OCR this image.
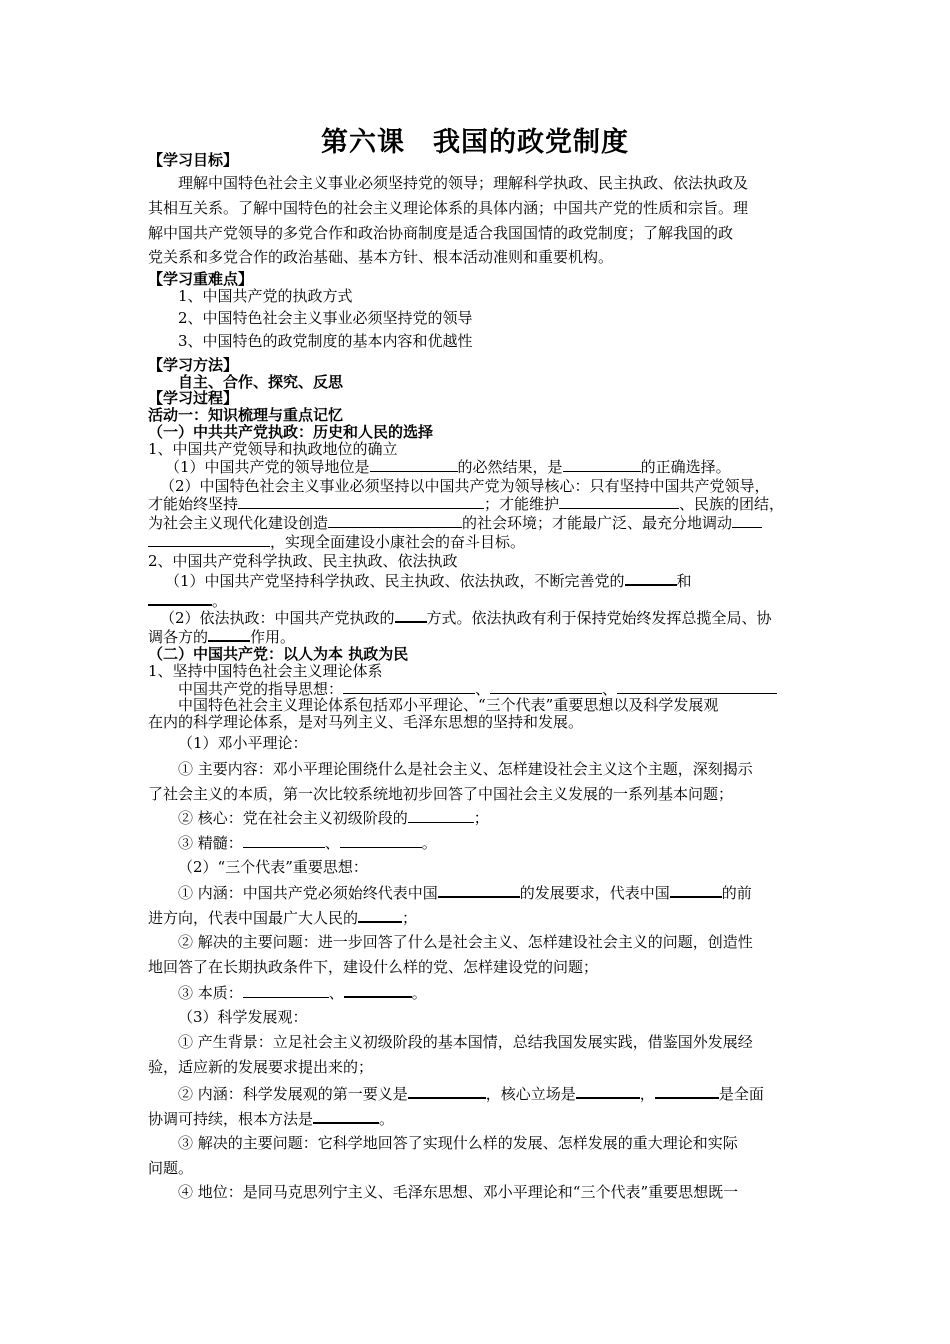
第六课　我国的政党制度
【学习目标】
理解中国特色社会主义事业必须坚持党的领导；理解科学执政、民主执政、依法执政及
其相互关系。了解中国特色的社会主义理论体系的具体内涵；中国共产党的性质和宗旨。理
解中国共产党领导的多党合作和政治协商制度是适合我国国情的政党制度；了解我国的政
党关系和多党合作的政治基础、基本方针、根本活动准则和重要机构。
【学习重难点】
1、中国共产党的执政方式
2、中国特色社会主义事业必须坚持党的领导
3、中国特色的政党制度的基本内容和优越性
【学习方法】
自主、合作、探究、反思
【学习过程】
活动一：知识梳理与重点记忆
（一）中共共产党执政：历史和人民的选择
1、中国共产党领导和执政地位的确立
（1）中国共产党的领导地位是	的必然结果，是	的正确选择。
（2）中国特色社会主义事业必须坚持以中国共产党为领导核心：只有坚持中国共产党领导，
才能始终坚持	；才能维护	、民族的团结，
为社会主义现代化建设创造	的社会环境；才能最广泛、最充分地调动
，实现全面建设小康社会的奋斗目标。
2、中国共产党科学执政、民主执政、依法执政
（1）中国共产党坚持科学执政、民主执政、依法执政，不断完善党的	和
。
（2）依法执政：中国共产党执政的 方式。依法执政有利于保持党始终发挥总揽全局、协
调各方的	作用。
（二）中国共产党：以人为本 执政为民
1、坚持中国特色社会主义理论体系
中国共产党的指导思想：	、	、
中国特色社会主义理论体系包括邓小平理论、“三个代表”重要思想以及科学发展观
在内的科学理论体系，是对马列主义、毛泽东思想的坚持和发展。
（1）邓小平理论：
① 主要内容：邓小平理论围绕什么是社会主义、怎样建设社会主义这个主题，深刻揭示
了社会主义的本质，第一次比较系统地初步回答了中国社会主义发展的一系列基本问题；
② 核心：党在社会主义初级阶段的	；
③ 精髓：	、	。
（2）“三个代表”重要思想：
① 内涵：中国共产党必须始终代表中国	的发展要求，代表中国	的前
进方向，代表中国最广大人民的	；
② 解决的主要问题：进一步回答了什么是社会主义、怎样建设社会主义的问题，创造性
地回答了在长期执政条件下，建设什么样的党、怎样建设党的问题；
③ 本质：	、	。
（3）科学发展观：
① 产生背景：立足社会主义初级阶段的基本国情，总结我国发展实践，借鉴国外发展经
验，适应新的发展要求提出来的；
② 内涵：科学发展观的第一要义是	，核心立场是	，	是全面
协调可持续，根本方法是	。
③ 解决的主要问题：它科学地回答了实现什么样的发展、怎样发展的重大理论和实际
问题。
④ 地位：是同马克思列宁主义、毛泽东思想、邓小平理论和“三个代表”重要思想既一
